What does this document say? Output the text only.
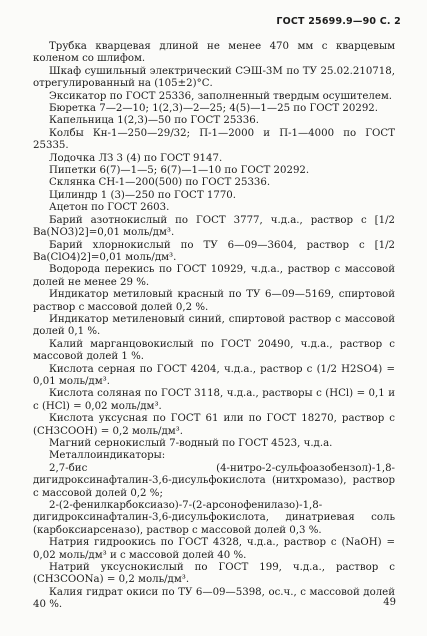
ГОСТ 25699.9—90 С. 2

Трубка кварцевая длиной не менее 470 мм с кварцевым коленом со шлифом.

Шкаф сушильный электрический СЭШ-3М по ТУ 25.02.210718, отрегулированный на (105±2)°С.

Эксикатор по ГОСТ 25336, заполненный твердым осушителем.

Бюретка 7—2—10; 1(2,3)—2—25; 4(5)—1—25 по ГОСТ 20292.

Капельница 1(2,3)—50 по ГОСТ 25336.

Колбы Кн-1—250—29/32; П-1—2000 и П-1—4000 по ГОСТ 25335.

Лодочка ЛЗ 3 (4) по ГОСТ 9147.

Пипетки 6(7)—1—5; 6(7)—1—10 по ГОСТ 20292.

Склянка СН-1—200(500) по ГОСТ 25336.

Цилиндр 1 (3)—250 по ГОСТ 1770.

Ацетон по ГОСТ 2603.

Барий азотнокислый по ГОСТ 3777, ч.д.а., раствор c [1/2 Ba(NO3)2]=0,01 моль/дм³.

Барий хлорнокислый по ТУ 6—09—3604, раствор c [1/2 Ba(ClO4)2]=0,01 моль/дм³.

Водорода перекись по ГОСТ 10929, ч.д.а., раствор с массовой долей не менее 29 %.

Индикатор метиловый красный по ТУ 6—09—5169, спиртовой раствор с массовой долей 0,2 %.

Индикатор метиленовый синий, спиртовой раствор с массовой долей 0,1 %.

Калий марганцовокислый по ГОСТ 20490, ч.д.а., раствор с массовой долей 1 %.

Кислота серная по ГОСТ 4204, ч.д.а., раствор c (1/2 H2SO4) = 0,01 моль/дм³.

Кислота соляная по ГОСТ 3118, ч.д.а., растворы c (HCl) = 0,1 и c (HCl) = 0,02 моль/дм³.

Кислота уксусная по ГОСТ 61 или по ГОСТ 18270, раствор c (CH3COOH) = 0,2 моль/дм³.

Магний сернокислый 7-водный по ГОСТ 4523, ч.д.а.

Металлоиндикаторы:

2,7-бис (4-нитро-2-сульфоазобензол)-1,8-дигидроксинафталин-3,6-дисульфокислота (нитхромазо), раствор с массовой долей 0,2 %;

2-(2-фенилкарбоксиазо)-7-(2-арсонофенилазо)-1,8-дигидроксинафталин-3,6-дисульфокислота, динатриевая соль (карбоксиарсеназо), раствор с массовой долей 0,3 %.

Натрия гидроокись по ГОСТ 4328, ч.д.а., раствор c (NaOH) = 0,02 моль/дм³ и с массовой долей 40 %.

Натрий уксуснокислый по ГОСТ 199, ч.д.а., раствор c (CH3COONa) = 0,2 моль/дм³.

Калия гидрат окиси по ТУ 6—09—5398, ос.ч., с массовой долей 40 %.	49
